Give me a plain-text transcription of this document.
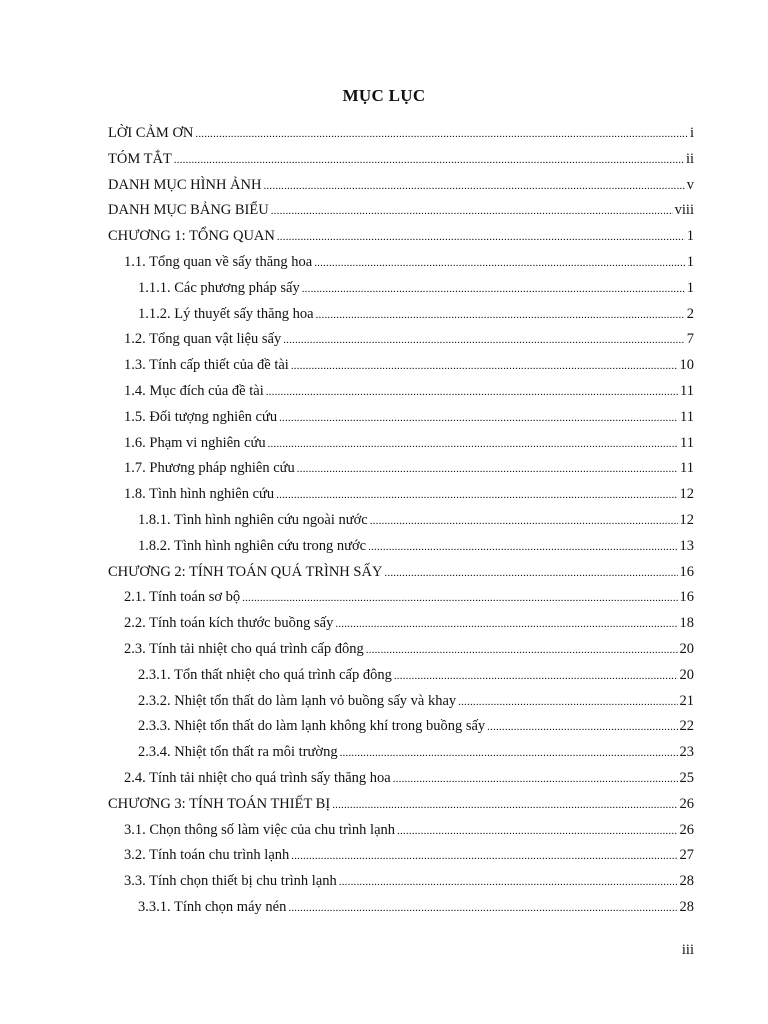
MỤC LỤC
LỜI CẢM ƠN .....	i
TÓM TẮT .....	ii
DANH MỤC HÌNH ẢNH .....	v
DANH MỤC BẢNG BIỂU .....	viii
CHƯƠNG 1: TỔNG QUAN .....	1
1.1. Tổng quan về sấy thăng hoa .....	1
1.1.1. Các phương pháp sấy .....	1
1.1.2. Lý thuyết sấy thăng hoa .....	2
1.2. Tổng quan vật liệu sấy .....	7
1.3. Tính cấp thiết của đề tài .....	10
1.4. Mục đích của đề tài .....	11
1.5. Đối tượng nghiên cứu .....	11
1.6. Phạm vi nghiên cứu .....	11
1.7. Phương pháp nghiên cứu .....	11
1.8. Tình hình nghiên cứu .....	12
1.8.1. Tình hình nghiên cứu ngoài nước .....	12
1.8.2. Tình hình nghiên cứu trong nước .....	13
CHƯƠNG 2: TÍNH TOÁN QUÁ TRÌNH SẤY .....	16
2.1. Tính toán sơ bộ .....	16
2.2. Tính toán kích thước buồng sấy .....	18
2.3. Tính tải nhiệt cho quá trình cấp đông .....	20
2.3.1. Tổn thất nhiệt cho quá trình cấp đông .....	20
2.3.2. Nhiệt tổn thất do làm lạnh vỏ buồng sấy và khay .....	21
2.3.3. Nhiệt tổn thất do làm lạnh không khí trong buồng sấy .....	22
2.3.4. Nhiệt tổn thất ra môi trường .....	23
2.4. Tính tải nhiệt cho quá trình sấy thăng hoa .....	25
CHƯƠNG 3: TÍNH TOÁN THIẾT BỊ .....	26
3.1. Chọn thông số làm việc của chu trình lạnh .....	26
3.2. Tính toán chu trình lạnh .....	27
3.3. Tính chọn thiết bị chu trình lạnh .....	28
3.3.1. Tính chọn máy nén .....	28
iii
